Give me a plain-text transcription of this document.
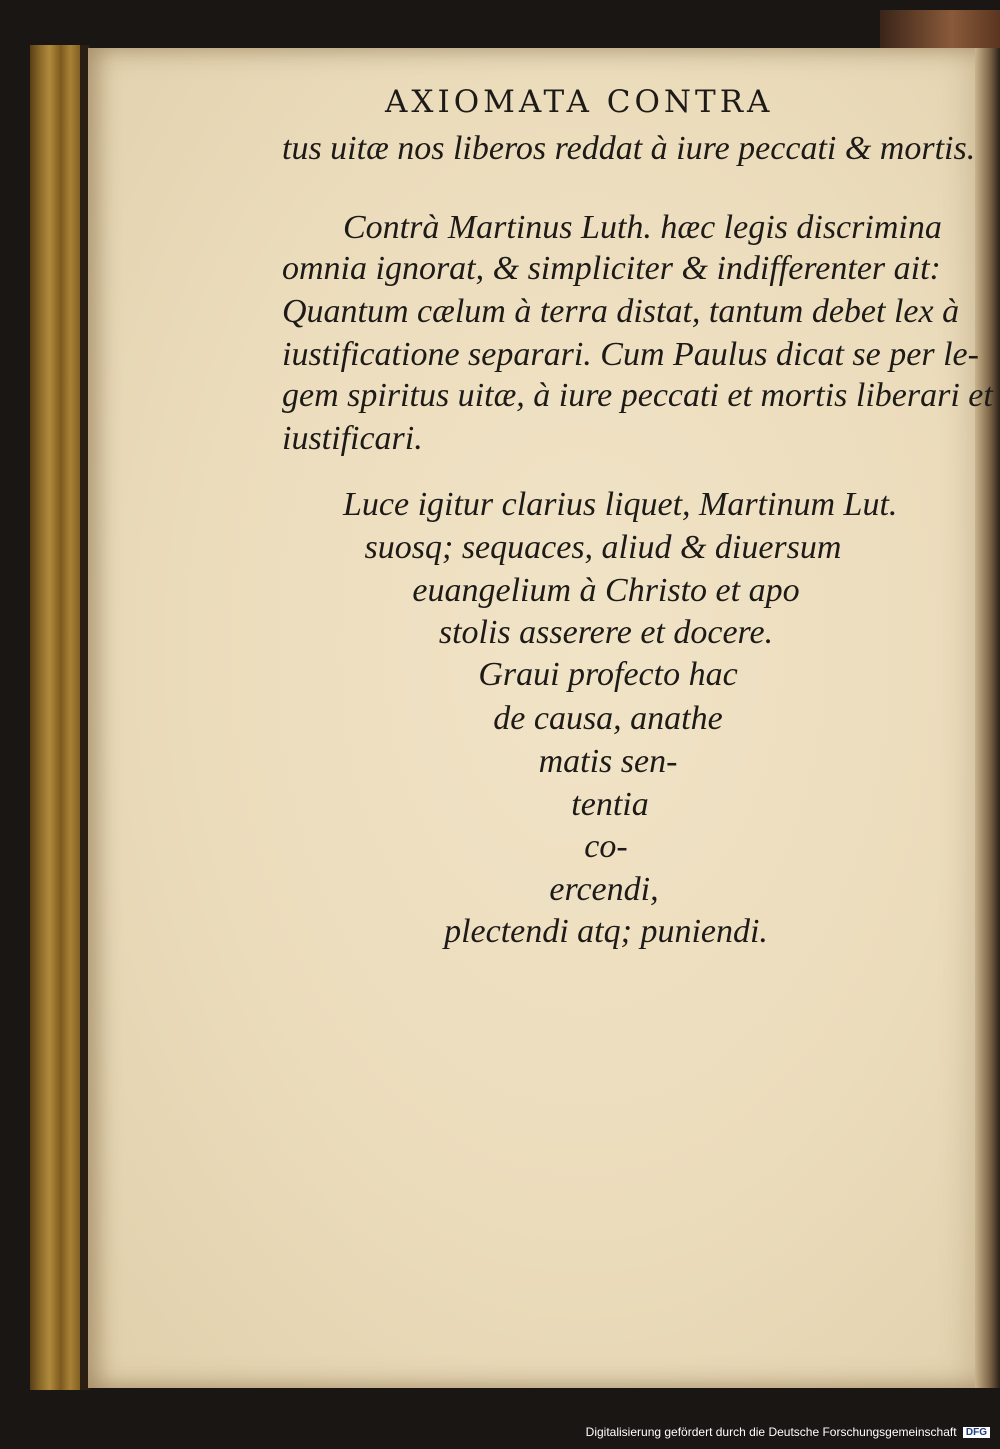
AXIOMATA CONTRA
tus uitæ nos liberos reddat à iure peccati & mortis.
Contrà Martinus Luth. hæc legis discrimina
omnia ignorat, & simpliciter & indifferenter ait:
Quantum cælum à terra distat, tantum debet lex à
iustificatione separari. Cum Paulus dicat se per le-
gem spiritus uitæ, à iure peccati et mortis liberari et
iustificari.
Luce igitur clarius liquet, Martinum Lut.
suosq; sequaces, aliud & diuersum
euangelium à Christo et apo
stolis asserere et docere.
Graui profecto hac
de causa, anathe
matis sen-
tentia
co-
ercendi,
plectendi atq; puniendi.
Digitalisierung gefördert durch die Deutsche Forschungsgemeinschaft DFG
